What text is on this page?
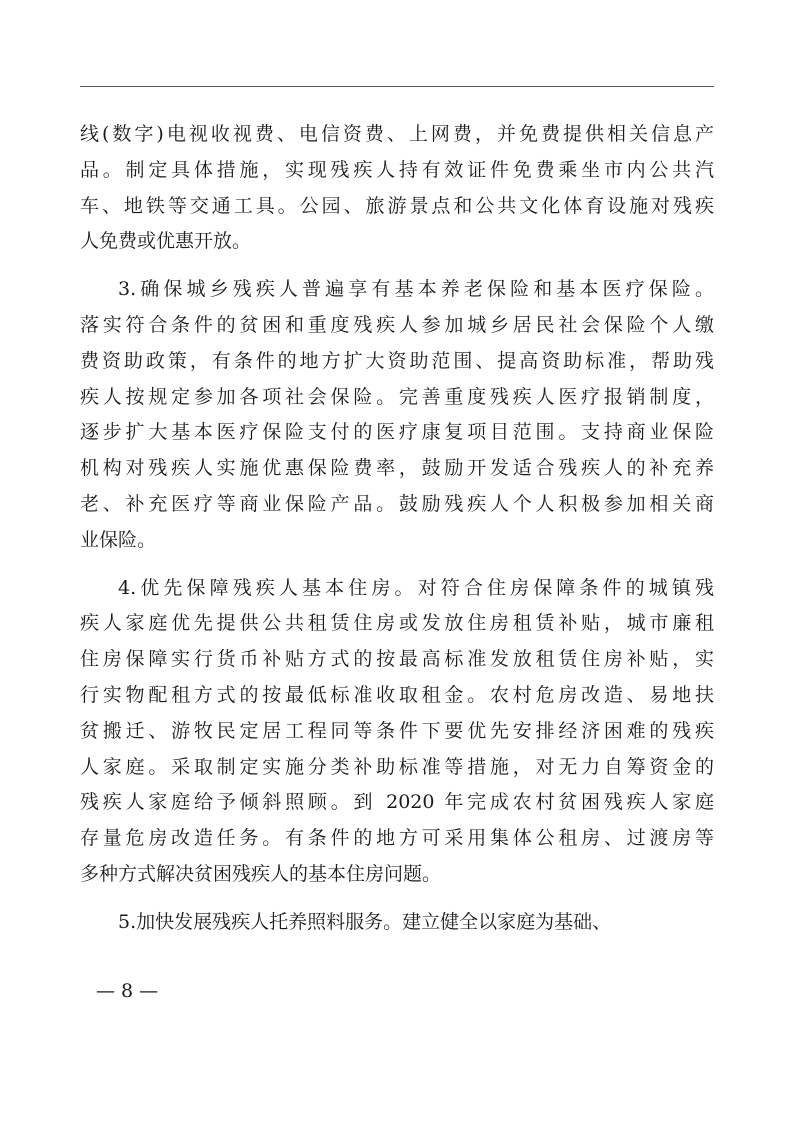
线(数字)电视收视费、电信资费、上网费，并免费提供相关信息产
品。制定具体措施，实现残疾人持有效证件免费乘坐市内公共汽
车、地铁等交通工具。公园、旅游景点和公共文化体育设施对残疾
人免费或优惠开放。
3.确保城乡残疾人普遍享有基本养老保险和基本医疗保险。
落实符合条件的贫困和重度残疾人参加城乡居民社会保险个人缴
费资助政策，有条件的地方扩大资助范围、提高资助标准，帮助残
疾人按规定参加各项社会保险。完善重度残疾人医疗报销制度，
逐步扩大基本医疗保险支付的医疗康复项目范围。支持商业保险
机构对残疾人实施优惠保险费率，鼓励开发适合残疾人的补充养
老、补充医疗等商业保险产品。鼓励残疾人个人积极参加相关商
业保险。
4.优先保障残疾人基本住房。对符合住房保障条件的城镇残
疾人家庭优先提供公共租赁住房或发放住房租赁补贴，城市廉租
住房保障实行货币补贴方式的按最高标准发放租赁住房补贴，实
行实物配租方式的按最低标准收取租金。农村危房改造、易地扶
贫搬迁、游牧民定居工程同等条件下要优先安排经济困难的残疾
人家庭。采取制定实施分类补助标准等措施，对无力自筹资金的
残疾人家庭给予倾斜照顾。到 2020 年完成农村贫困残疾人家庭
存量危房改造任务。有条件的地方可采用集体公租房、过渡房等
多种方式解决贫困残疾人的基本住房问题。
5.加快发展残疾人托养照料服务。建立健全以家庭为基础、
— 8 —
